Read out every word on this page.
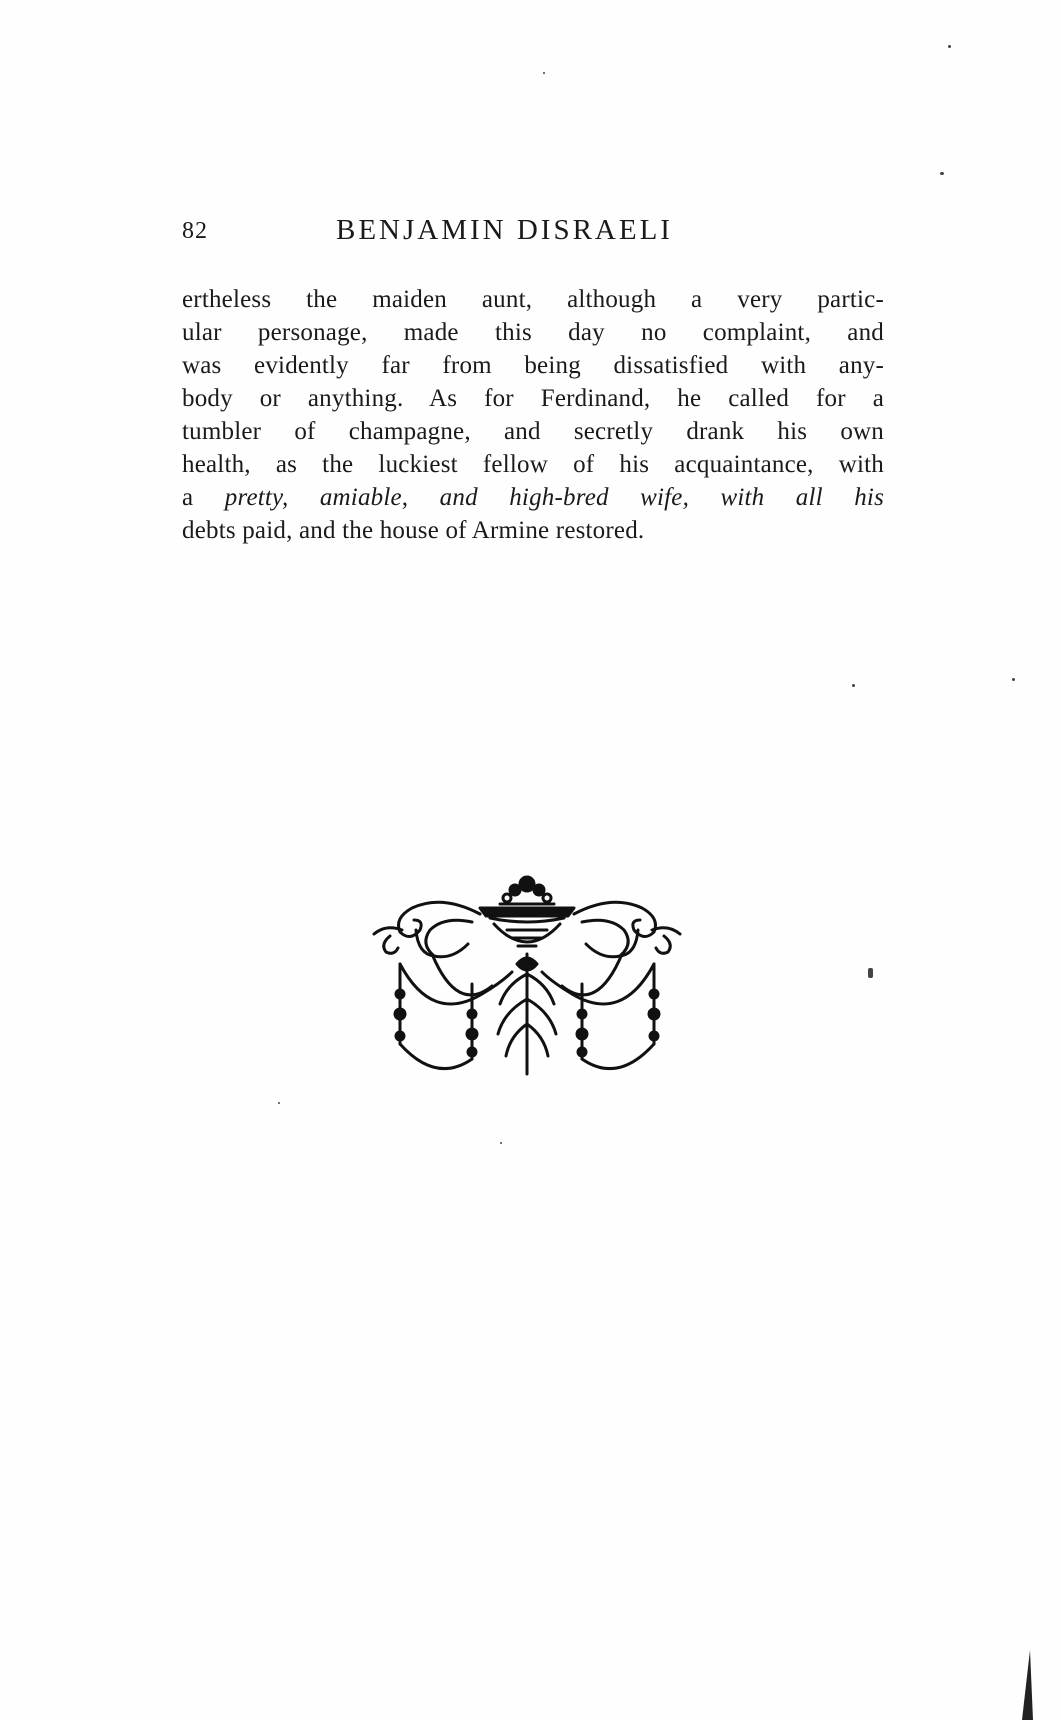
82	BENJAMIN DISRAELI
ertheless the maiden aunt, although a very partic-
ular personage, made this day no complaint, and
was evidently far from being dissatisfied with any-
body or anything. As for Ferdinand, he called for a
tumbler of champagne, and secretly drank his own
health, as the luckiest fellow of his acquaintance, with
a pretty, amiable, and high-bred wife, with all his
debts paid, and the house of Armine restored.
